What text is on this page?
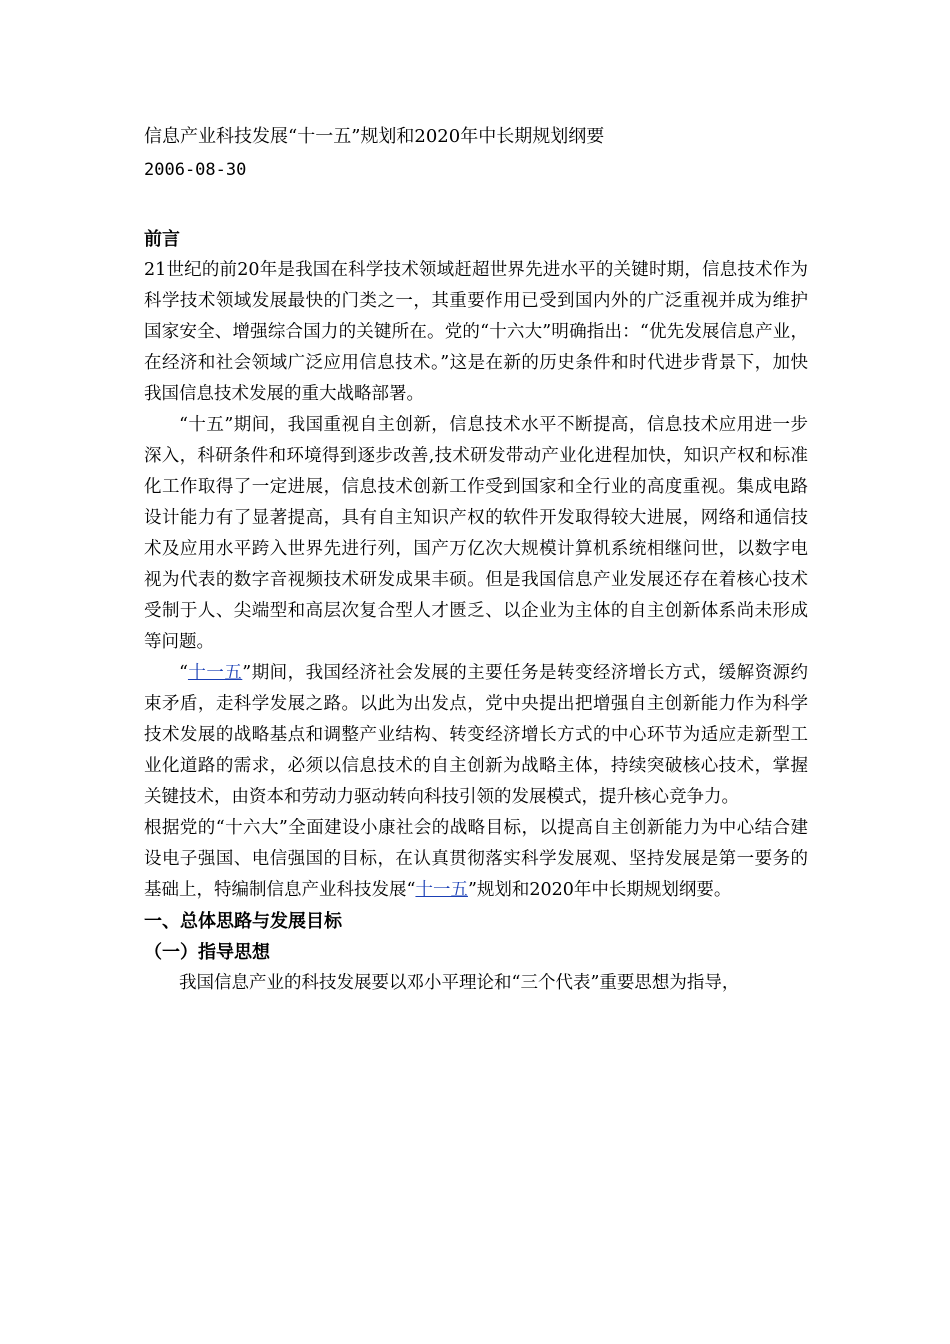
信息产业科技发展“十一五”规划和2020年中长期规划纲要
2006-08-30
前言

21世纪的前20年是我国在科学技术领域赶超世界先进水平的关键时期，信息技术作为科学技术领域发展最快的门类之一，其重要作用已受到国内外的广泛重视并成为维护国家安全、增强综合国力的关键所在。党的“十六大”明确指出：“优先发展信息产业，在经济和社会领域广泛应用信息技术。”这是在新的历史条件和时代进步背景下，加快我国信息技术发展的重大战略部署。

“十五”期间，我国重视自主创新，信息技术水平不断提高，信息技术应用进一步深入，科研条件和环境得到逐步改善,技术研发带动产业化进程加快，知识产权和标准化工作取得了一定进展，信息技术创新工作受到国家和全行业的高度重视。集成电路设计能力有了显著提高，具有自主知识产权的软件开发取得较大进展，网络和通信技术及应用水平跨入世界先进行列，国产万亿次大规模计算机系统相继问世，以数字电视为代表的数字音视频技术研发成果丰硕。但是我国信息产业发展还存在着核心技术受制于人、尖端型和高层次复合型人才匮乏、以企业为主体的自主创新体系尚未形成等问题。

“十一五”期间，我国经济社会发展的主要任务是转变经济增长方式，缓解资源约束矛盾，走科学发展之路。以此为出发点，党中央提出把增强自主创新能力作为科学技术发展的战略基点和调整产业结构、转变经济增长方式的中心环节为适应走新型工业化道路的需求，必须以信息技术的自主创新为战略主体，持续突破核心技术，掌握关键技术，由资本和劳动力驱动转向科技引领的发展模式，提升核心竞争力。

根据党的“十六大”全面建设小康社会的战略目标，以提高自主创新能力为中心结合建设电子强国、电信强国的目标，在认真贯彻落实科学发展观、坚持发展是第一要务的基础上，特编制信息产业科技发展“十一五”规划和2020年中长期规划纲要。

一、总体思路与发展目标
（一）指导思想

我国信息产业的科技发展要以邓小平理论和“三个代表”重要思想为指导，
